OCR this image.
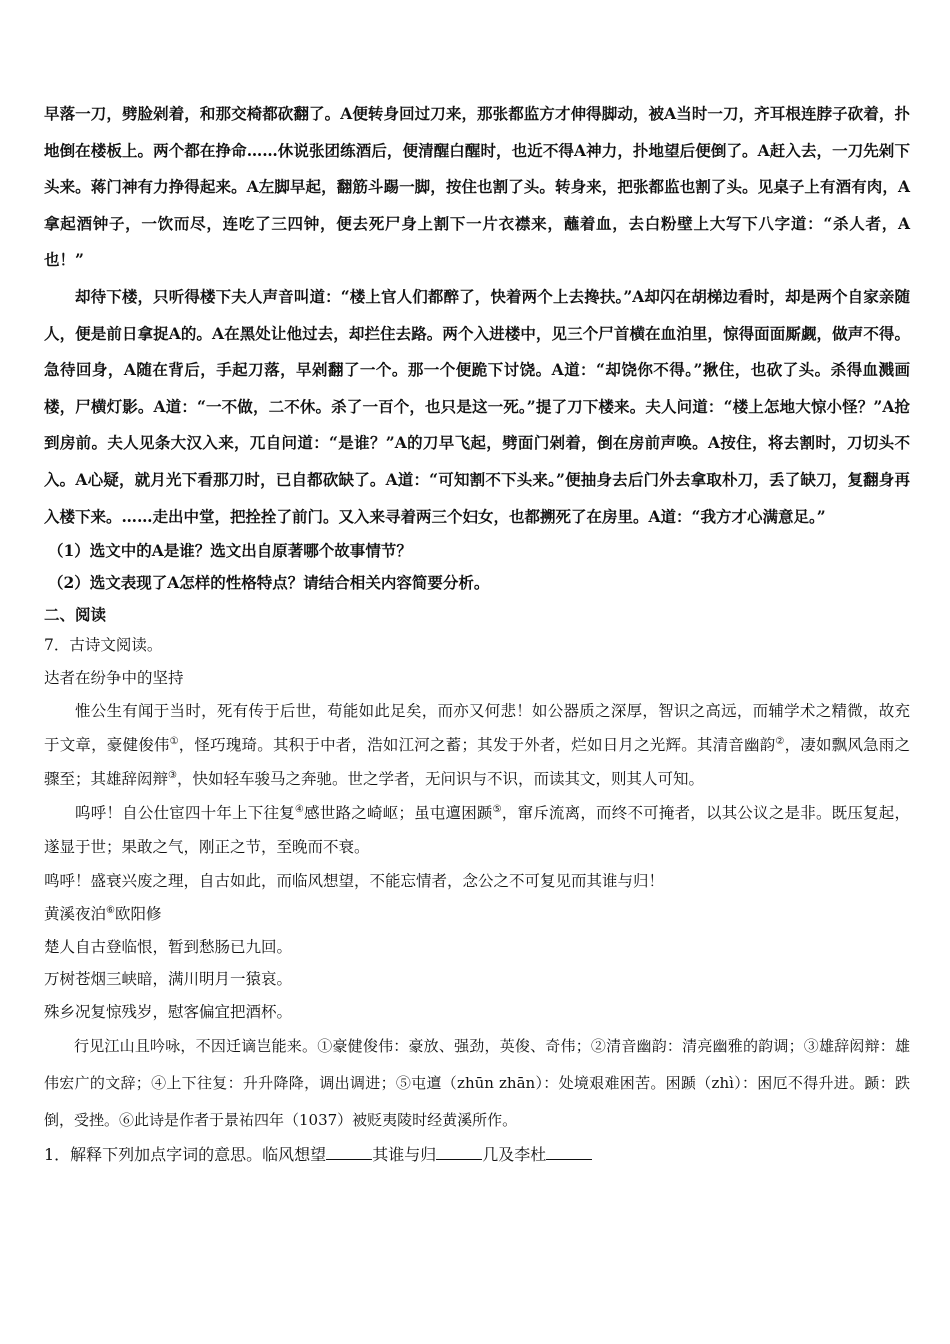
早落一刀，劈脸剁着，和那交椅都砍翻了。A便转身回过刀来，那张都监方才伸得脚动，被A当时一刀，齐耳根连脖子砍着，扑地倒在楼板上。两个都在挣命……休说张团练酒后，便清醒白醒时，也近不得A神力，扑地望后便倒了。A赶入去，一刀先剁下头来。蒋门神有力挣得起来。A左脚早起，翻筋斗踢一脚，按住也割了头。转身来，把张都监也割了头。见桌子上有酒有肉，A拿起酒钟子，一饮而尽，连吃了三四钟，便去死尸身上割下一片衣襟来，蘸着血，去白粉壁上大写下八字道：“杀人者，A也！”

却待下楼，只听得楼下夫人声音叫道：“楼上官人们都醉了，快着两个上去搀扶。”A却闪在胡梯边看时，却是两个自家亲随人，便是前日拿捉A的。A在黑处让他过去，却拦住去路。两个入进楼中，见三个尸首横在血泊里，惊得面面厮觑，做声不得。急待回身，A随在背后，手起刀落，早剁翻了一个。那一个便跪下讨饶。A道：“却饶你不得。”揪住，也砍了头。杀得血溅画楼，尸横灯影。A道：“一不做，二不休。杀了一百个，也只是这一死。”提了刀下楼来。夫人问道：“楼上怎地大惊小怪？”A抢到房前。夫人见条大汉入来，兀自问道：“是谁？”A的刀早飞起，劈面门剁着，倒在房前声唤。A按住，将去割时，刀切头不入。A心疑，就月光下看那刀时，已自都砍缺了。A道：“可知割不下头来。”便抽身去后门外去拿取朴刀，丢了缺刀，复翻身再入楼下来。……走出中堂，把拴拴了前门。又入来寻着两三个妇女，也都搠死了在房里。A道：“我方才心满意足。”

（1）选文中的A是谁？选文出自原著哪个故事情节？

（2）选文表现了A怎样的性格特点？请结合相关内容简要分析。

二、阅读

7．古诗文阅读。

达者在纷争中的坚持

惟公生有闻于当时，死有传于后世，苟能如此足矣，而亦又何悲！如公器质之深厚，智识之高远，而辅学术之精微，故充于文章，豪健俊伟①，怪巧瑰琦。其积于中者，浩如江河之蓄；其发于外者，烂如日月之光辉。其清音幽韵②，凄如飘风急雨之骤至；其雄辞闳辩③，快如轻车骏马之奔驰。世之学者，无问识与不识，而读其文，则其人可知。

呜呼！自公仕宦四十年上下往复④感世路之崎岖；虽屯邅困踬⑤，窜斥流离，而终不可掩者，以其公议之是非。既压复起，遂显于世；果敢之气，刚正之节，至晚而不衰。

鸣呼！盛衰兴废之理，自古如此，而临风想望，不能忘情者，念公之不可复见而其谁与归！

黄溪夜泊⑥欧阳修

楚人自古登临恨，暂到愁肠已九回。

万树苍烟三峡暗，满川明月一猿哀。

殊乡况复惊残岁，慰客偏宜把酒杯。

行见江山且吟咏，不因迁谪岂能来。①豪健俊伟：豪放、强劲，英俊、奇伟；②清音幽韵：清亮幽雅的韵调；③雄辞闳辩：雄伟宏广的文辞；④上下往复：升升降降，调出调进；⑤屯邅（zhūn zhān）：处境艰难困苦。困踬（zhì）：困厄不得升进。踬：跌倒，受挫。⑥此诗是作者于景祐四年（1037）被贬夷陵时经黄溪所作。

1．解释下列加点字词的意思。临风想望	其谁与归	几及李杜
